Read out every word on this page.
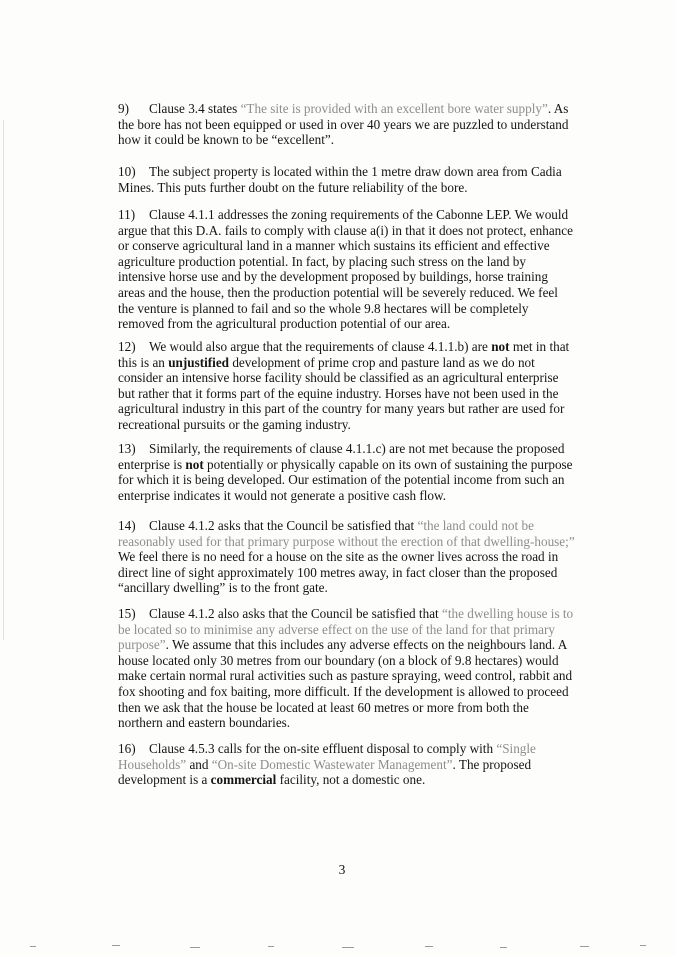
9) Clause 3.4 states “The site is provided with an excellent bore water supply”. As the bore has not been equipped or used in over 40 years we are puzzled to understand how it could be known to be “excellent”.

10) The subject property is located within the 1 metre draw down area from Cadia Mines. This puts further doubt on the future reliability of the bore.

11) Clause 4.1.1 addresses the zoning requirements of the Cabonne LEP. We would argue that this D.A. fails to comply with clause a(i) in that it does not protect, enhance or conserve agricultural land in a manner which sustains its efficient and effective agriculture production potential. In fact, by placing such stress on the land by intensive horse use and by the development proposed by buildings, horse training areas and the house, then the production potential will be severely reduced. We feel the venture is planned to fail and so the whole 9.8 hectares will be completely removed from the agricultural production potential of our area.

12) We would also argue that the requirements of clause 4.1.1.b) are not met in that this is an unjustified development of prime crop and pasture land as we do not consider an intensive horse facility should be classified as an agricultural enterprise but rather that it forms part of the equine industry. Horses have not been used in the agricultural industry in this part of the country for many years but rather are used for recreational pursuits or the gaming industry.

13) Similarly, the requirements of clause 4.1.1.c) are not met because the proposed enterprise is not potentially or physically capable on its own of sustaining the purpose for which it is being developed. Our estimation of the potential income from such an enterprise indicates it would not generate a positive cash flow.

14) Clause 4.1.2 asks that the Council be satisfied that “the land could not be reasonably used for that primary purpose without the erection of that dwelling-house;” We feel there is no need for a house on the site as the owner lives across the road in direct line of sight approximately 100 metres away, in fact closer than the proposed “ancillary dwelling” is to the front gate.

15) Clause 4.1.2 also asks that the Council be satisfied that “the dwelling house is to be located so to minimise any adverse effect on the use of the land for that primary purpose”. We assume that this includes any adverse effects on the neighbours land. A house located only 30 metres from our boundary (on a block of 9.8 hectares) would make certain normal rural activities such as pasture spraying, weed control, rabbit and fox shooting and fox baiting, more difficult. If the development is allowed to proceed then we ask that the house be located at least 60 metres or more from both the northern and eastern boundaries.

16) Clause 4.5.3 calls for the on-site effluent disposal to comply with “Single Households” and “On-site Domestic Wastewater Management”. The proposed development is a commercial facility, not a domestic one.

3
